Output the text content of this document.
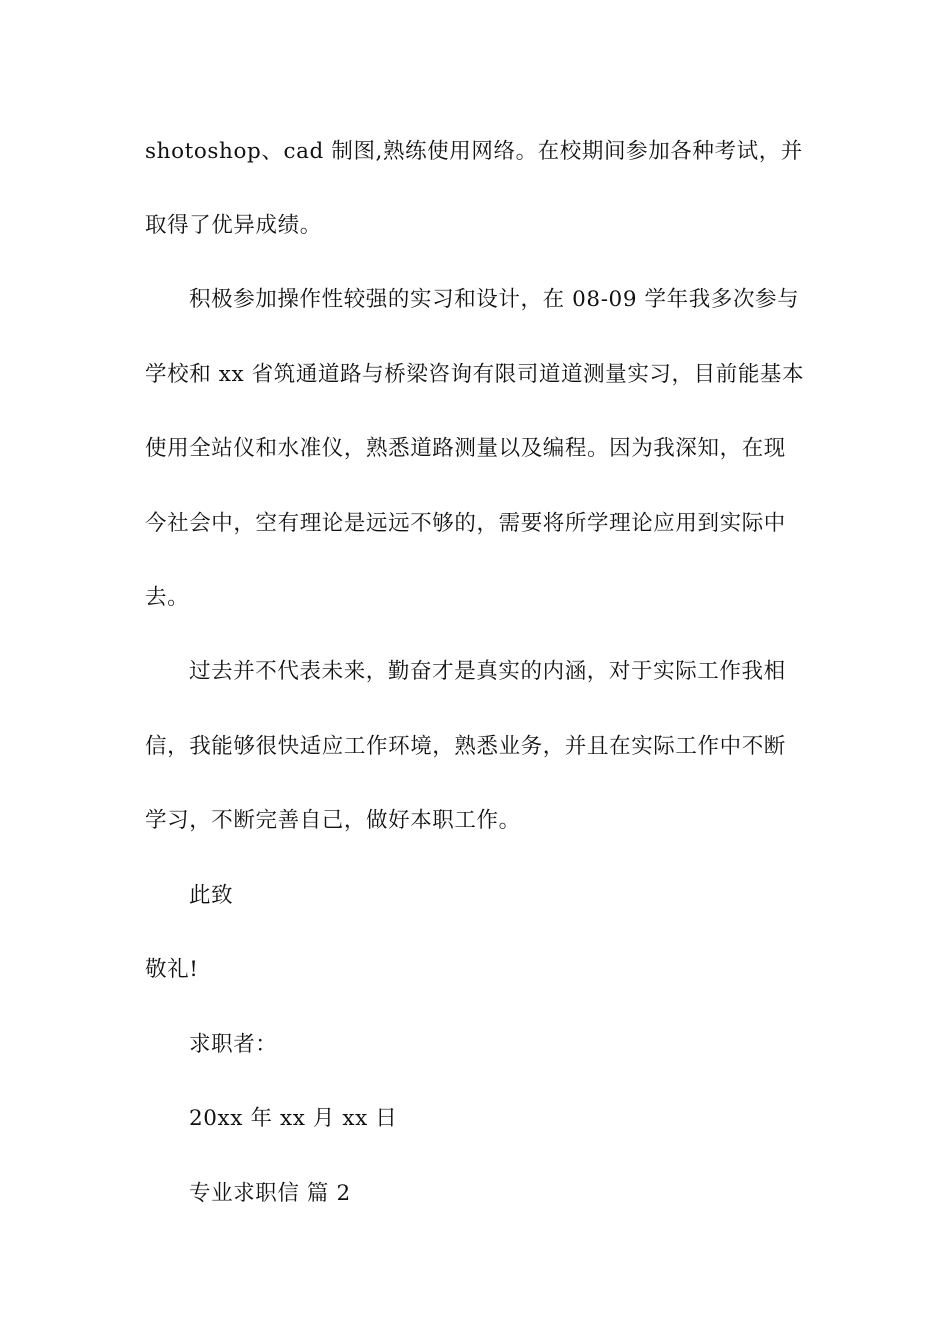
shotoshop、cad 制图,熟练使用网络。在校期间参加各种考试，并
取得了优异成绩。
积极参加操作性较强的实习和设计，在 08-09 学年我多次参与
学校和 xx 省筑通道路与桥梁咨询有限司道道测量实习，目前能基本
使用全站仪和水准仪，熟悉道路测量以及编程。因为我深知，在现
今社会中，空有理论是远远不够的，需要将所学理论应用到实际中
去。
过去并不代表未来，勤奋才是真实的内涵，对于实际工作我相
信，我能够很快适应工作环境，熟悉业务，并且在实际工作中不断
学习，不断完善自己，做好本职工作。
此致
敬礼!
求职者：
20xx 年 xx 月 xx 日
专业求职信 篇 2
